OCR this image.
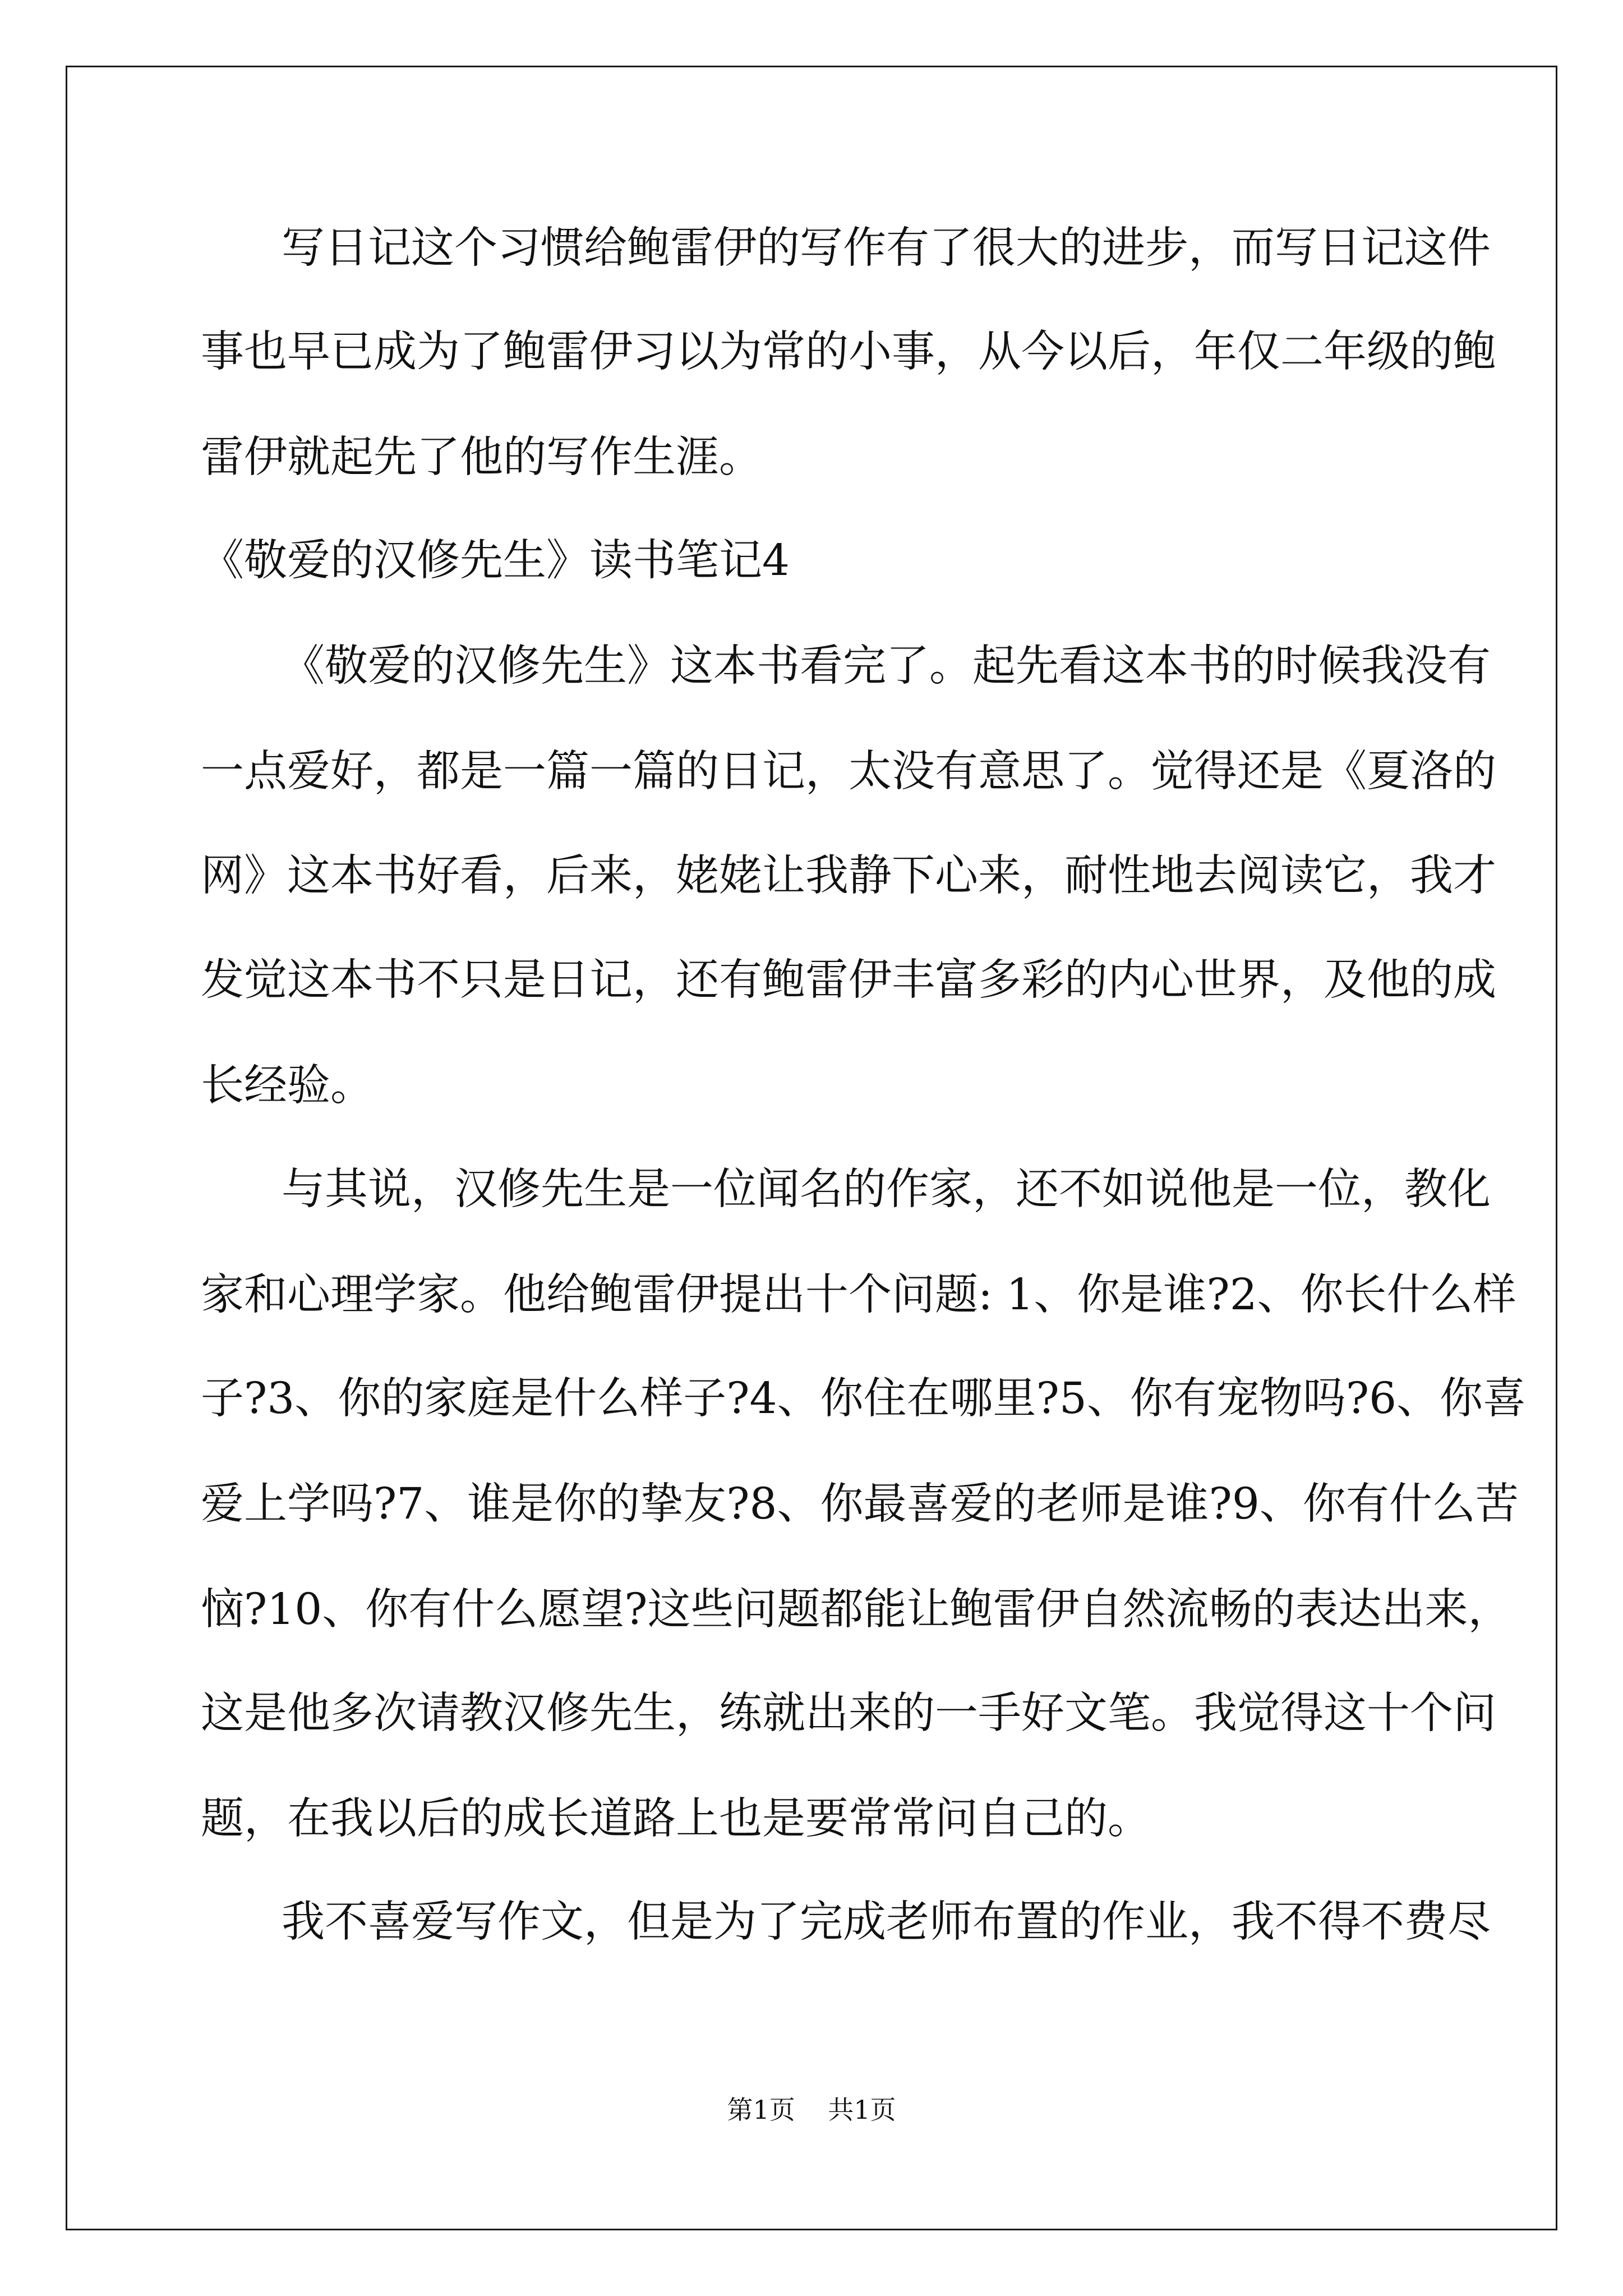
写日记这个习惯给鲍雷伊的写作有了很大的进步，而写日记这件
事也早已成为了鲍雷伊习以为常的小事，从今以后，年仅二年级的鲍
雷伊就起先了他的写作生涯。
《敬爱的汉修先生》读书笔记4
《敬爱的汉修先生》这本书看完了。起先看这本书的时候我没有
一点爱好，都是一篇一篇的日记，太没有意思了。觉得还是《夏洛的
网》这本书好看，后来，姥姥让我静下心来，耐性地去阅读它，我才
发觉这本书不只是日记，还有鲍雷伊丰富多彩的内心世界，及他的成
长经验。
与其说，汉修先生是一位闻名的作家，还不如说他是一位，教化
家和心理学家。他给鲍雷伊提出十个问题: 1、你是谁?2、你长什么样
子?3、你的家庭是什么样子?4、你住在哪里?5、你有宠物吗?6、你喜
爱上学吗?7、谁是你的挚友?8、你最喜爱的老师是谁?9、你有什么苦
恼?10、你有什么愿望?这些问题都能让鲍雷伊自然流畅的表达出来，
这是他多次请教汉修先生，练就出来的一手好文笔。我觉得这十个问
题，在我以后的成长道路上也是要常常问自己的。
我不喜爱写作文，但是为了完成老师布置的作业，我不得不费尽
第1页 共1页
